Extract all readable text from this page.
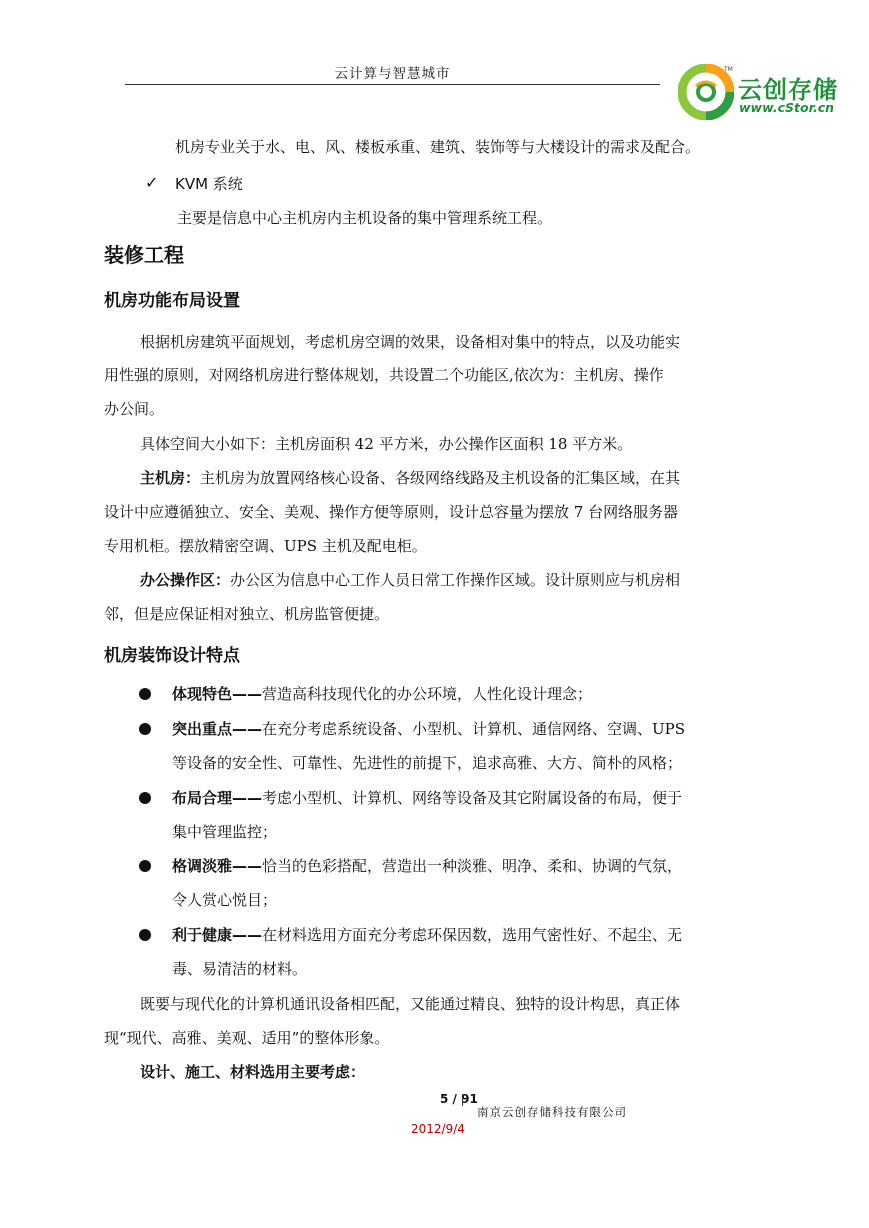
云计算与智慧城市	TM
云创存储
www.cStor.cn
机房专业关于水、电、风、楼板承重、建筑、装饰等与大楼设计的需求及配合。
✓ KVM 系统
主要是信息中心主机房内主机设备的集中管理系统工程。
装修工程
机房功能布局设置
根据机房建筑平面规划，考虑机房空调的效果，设备相对集中的特点，以及功能实
用性强的原则，对网络机房进行整体规划，共设置二个功能区,依次为：主机房、操作
办公间。
具体空间大小如下：主机房面积 42 平方米，办公操作区面积 18 平方米。
主机房：主机房为放置网络核心设备、各级网络线路及主机设备的汇集区域，在其
设计中应遵循独立、安全、美观、操作方便等原则，设计总容量为摆放 7 台网络服务器
专用机柜。摆放精密空调、UPS 主机及配电柜。
办公操作区：办公区为信息中心工作人员日常工作操作区域。设计原则应与机房相
邻，但是应保证相对独立、机房监管便捷。
机房装饰设计特点
体现特色——营造高科技现代化的办公环境，人性化设计理念；
突出重点——在充分考虑系统设备、小型机、计算机、通信网络、空调、UPS
等设备的安全性、可靠性、先进性的前提下，追求高雅、大方、简朴的风格；
布局合理——考虑小型机、计算机、网络等设备及其它附属设备的布局，便于
集中管理监控；
格调淡雅——恰当的色彩搭配，营造出一种淡雅、明净、柔和、协调的气氛，
令人赏心悦目；
利于健康——在材料选用方面充分考虑环保因数，选用气密性好、不起尘、无
毒、易清洁的材料。
既要与现代化的计算机通讯设备相匹配，又能通过精良、独特的设计构思，真正体
现“现代、高雅、美观、适用”的整体形象。
设计、施工、材料选用主要考虑：
5 / 91
南京云创存储科技有限公司
2012/9/4
